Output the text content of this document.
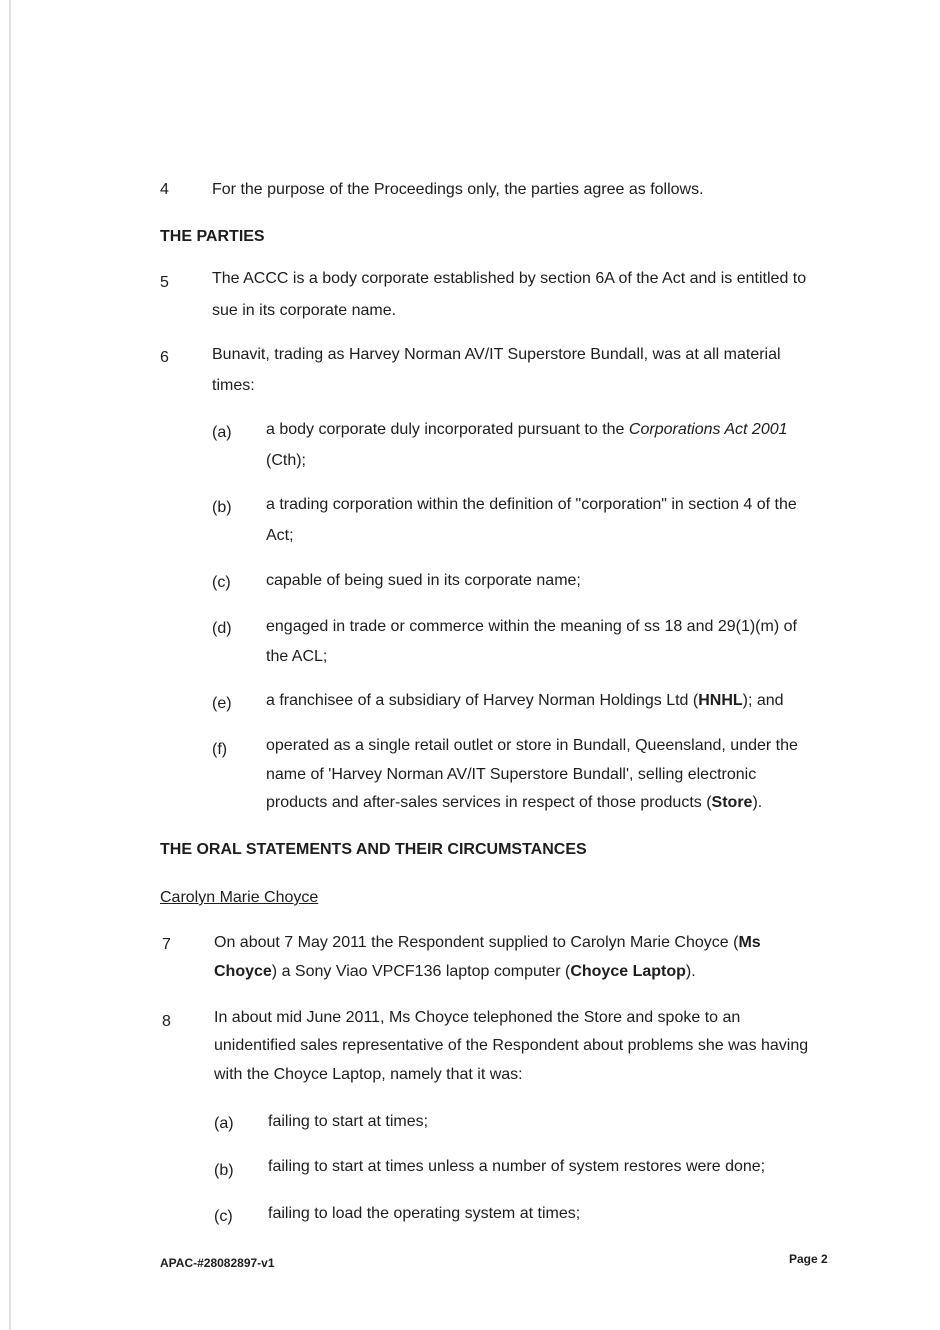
4	For the purpose of the Proceedings only, the parties agree as follows.
THE PARTIES
5	The ACCC is a body corporate established by section 6A of the Act and is entitled to
sue in its corporate name.
6	Bunavit, trading as Harvey Norman AV/IT Superstore Bundall, was at all material
times:
(a) a body corporate duly incorporated pursuant to the Corporations Act 2001
(Cth);
(b) a trading corporation within the definition of "corporation" in section 4 of the
Act;
(c) capable of being sued in its corporate name;
(d) engaged in trade or commerce within the meaning of ss 18 and 29(1)(m) of
the ACL;
(e) a franchisee of a subsidiary of Harvey Norman Holdings Ltd (HNHL); and
(f) operated as a single retail outlet or store in Bundall, Queensland, under the
name of 'Harvey Norman AV/IT Superstore Bundall', selling electronic
products and after-sales services in respect of those products (Store).
THE ORAL STATEMENTS AND THEIR CIRCUMSTANCES
Carolyn Marie Choyce
7	On about 7 May 2011 the Respondent supplied to Carolyn Marie Choyce (Ms
Choyce) a Sony Viao VPCF136 laptop computer (Choyce Laptop).
8	In about mid June 2011, Ms Choyce telephoned the Store and spoke to an
unidentified sales representative of the Respondent about problems she was having
with the Choyce Laptop, namely that it was:
(a) failing to start at times;
(b) failing to start at times unless a number of system restores were done;
(c) failing to load the operating system at times;
APAC-#28082897-v1	Page 2
